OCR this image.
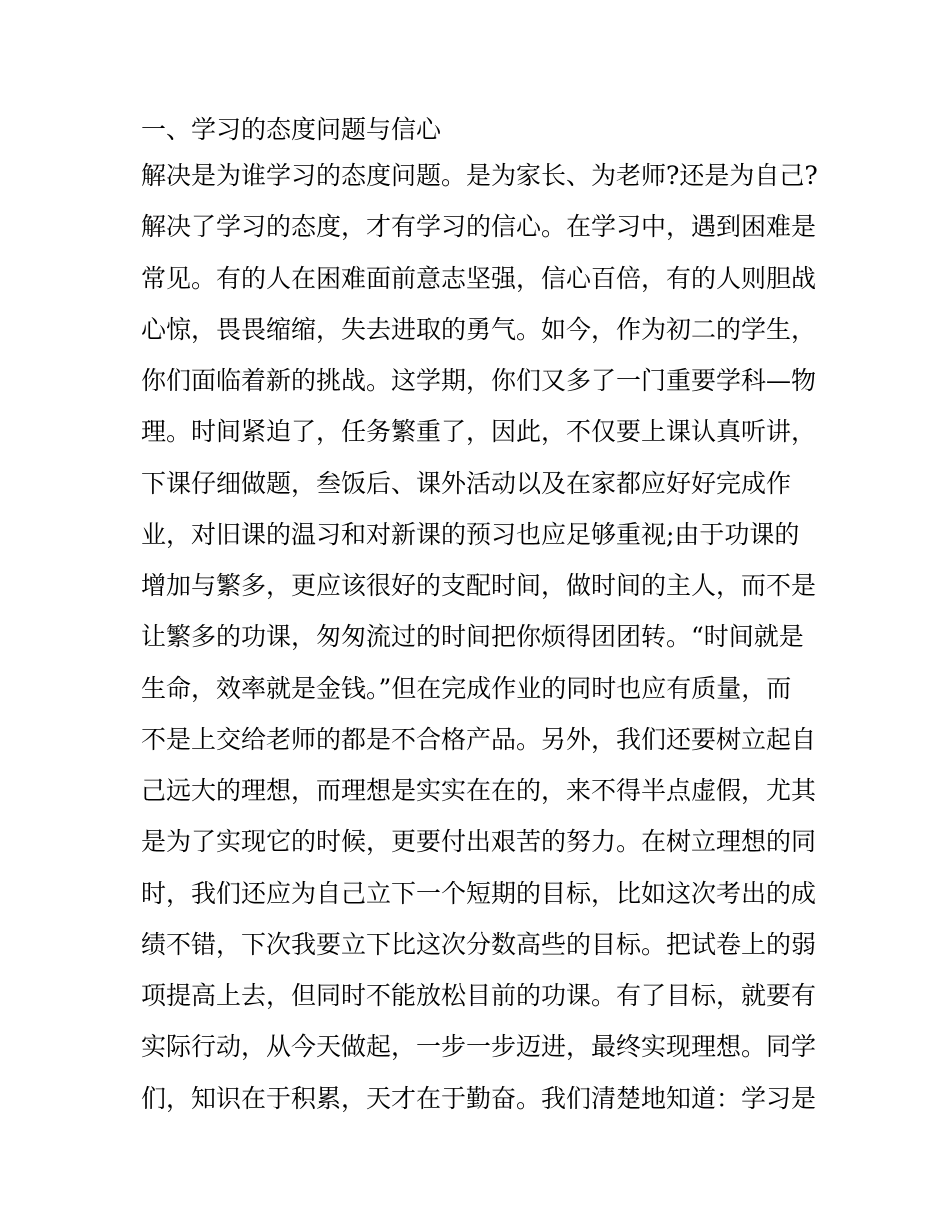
一、学习的态度问题与信心
解决是为谁学习的态度问题。是为家长、为老师?还是为自己?
解决了学习的态度，才有学习的信心。在学习中，遇到困难是
常见。有的人在困难面前意志坚强，信心百倍，有的人则胆战
心惊，畏畏缩缩，失去进取的勇气。如今，作为初二的学生，
你们面临着新的挑战。这学期，你们又多了一门重要学科—物
理。时间紧迫了，任务繁重了，因此，不仅要上课认真听讲，
下课仔细做题，叁饭后、课外活动以及在家都应好好完成作
业，对旧课的温习和对新课的预习也应足够重视;由于功课的
增加与繁多，更应该很好的支配时间，做时间的主人，而不是
让繁多的功课，匆匆流过的时间把你烦得团团转。“时间就是
生命，效率就是金钱。”但在完成作业的同时也应有质量，而
不是上交给老师的都是不合格产品。另外，我们还要树立起自
己远大的理想，而理想是实实在在的，来不得半点虚假，尤其
是为了实现它的时候，更要付出艰苦的努力。在树立理想的同
时，我们还应为自己立下一个短期的目标，比如这次考出的成
绩不错，下次我要立下比这次分数高些的目标。把试卷上的弱
项提高上去，但同时不能放松目前的功课。有了目标，就要有
实际行动，从今天做起，一步一步迈进，最终实现理想。同学
们，知识在于积累，天才在于勤奋。我们清楚地知道：学习是
